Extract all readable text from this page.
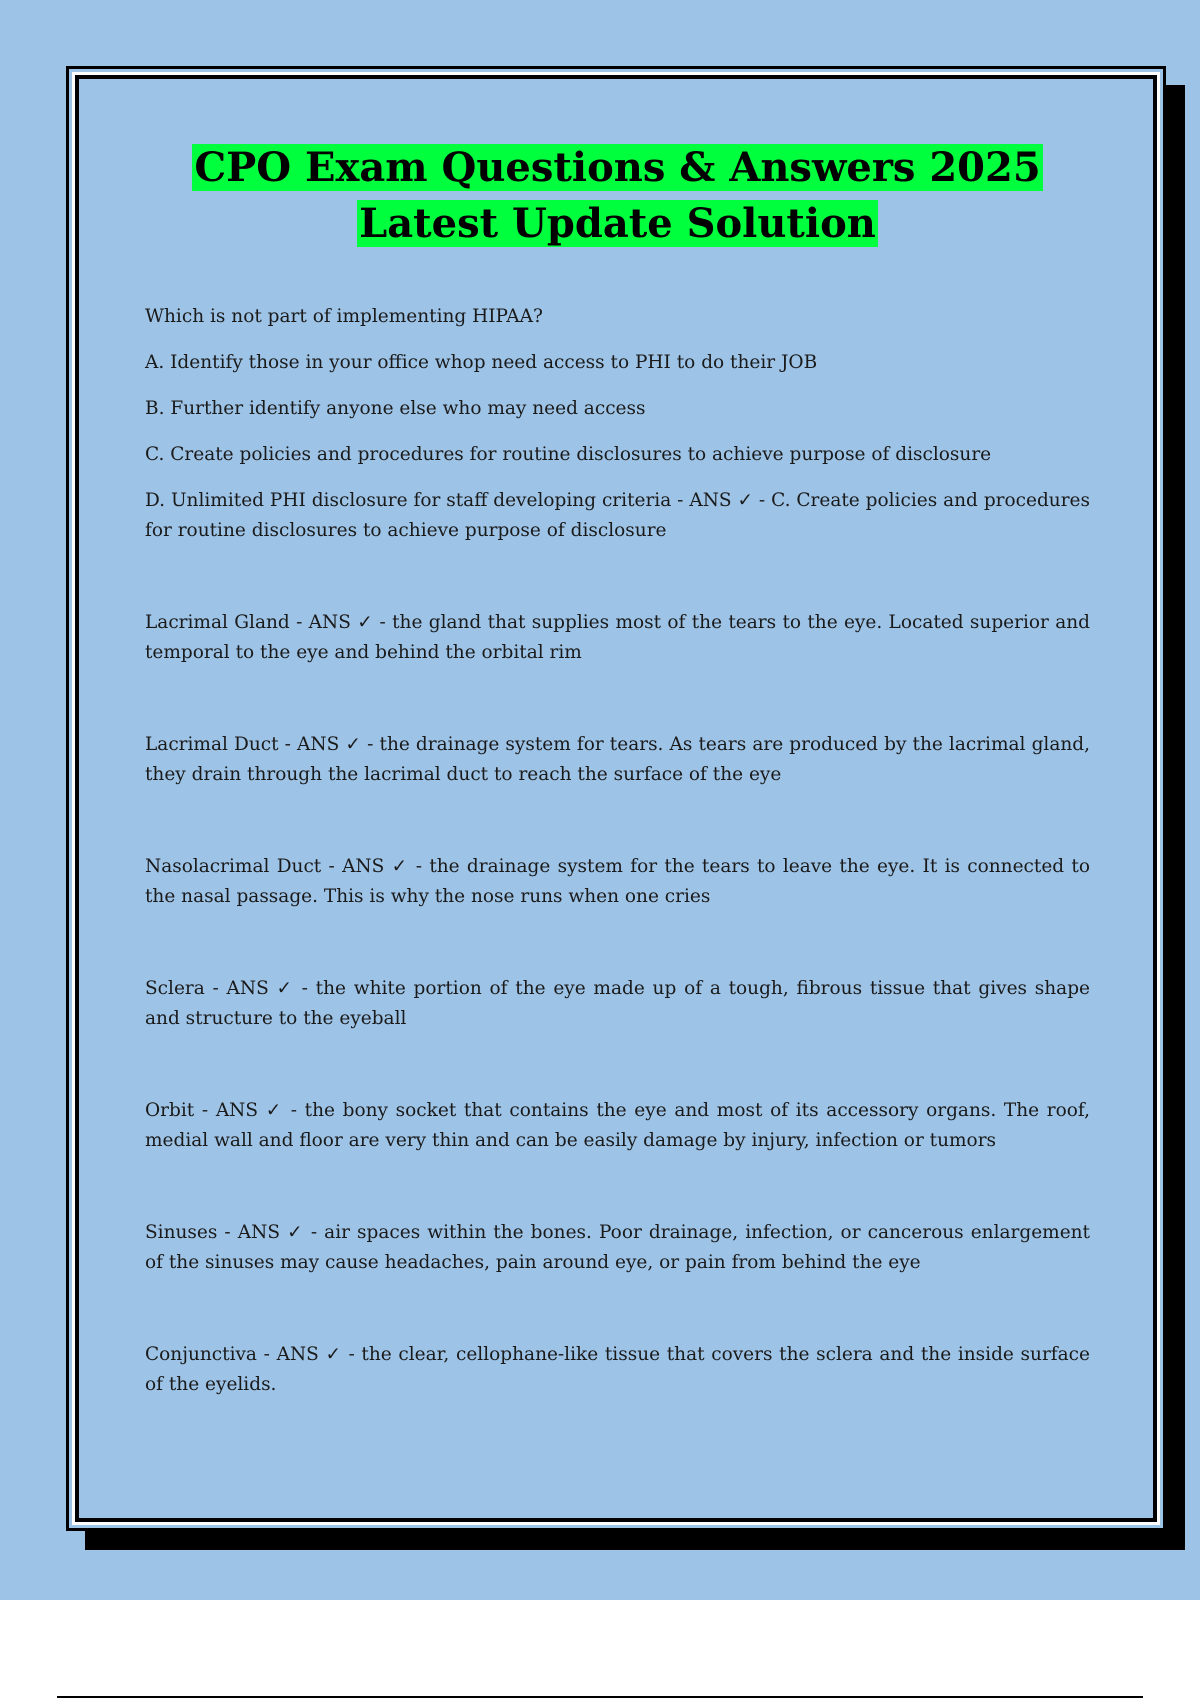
CPO Exam Questions & Answers 2025
Latest Update Solution

Which is not part of implementing HIPAA?

A. Identify those in your office whop need access to PHI to do their JOB

B. Further identify anyone else who may need access

C. Create policies and procedures for routine disclosures to achieve purpose of disclosure

D. Unlimited PHI disclosure for staff developing criteria - ANS ✓ - C. Create policies and procedures for routine disclosures to achieve purpose of disclosure

Lacrimal Gland - ANS ✓ - the gland that supplies most of the tears to the eye. Located superior and temporal to the eye and behind the orbital rim

Lacrimal Duct - ANS ✓ - the drainage system for tears. As tears are produced by the lacrimal gland, they drain through the lacrimal duct to reach the surface of the eye

Nasolacrimal Duct - ANS ✓ - the drainage system for the tears to leave the eye. It is connected to the nasal passage. This is why the nose runs when one cries

Sclera - ANS ✓ - the white portion of the eye made up of a tough, fibrous tissue that gives shape and structure to the eyeball

Orbit - ANS ✓ - the bony socket that contains the eye and most of its accessory organs. The roof, medial wall and floor are very thin and can be easily damage by injury, infection or tumors

Sinuses - ANS ✓ - air spaces within the bones. Poor drainage, infection, or cancerous enlargement of the sinuses may cause headaches, pain around eye, or pain from behind the eye

Conjunctiva - ANS ✓ - the clear, cellophane-like tissue that covers the sclera and the inside surface of the eyelids.
